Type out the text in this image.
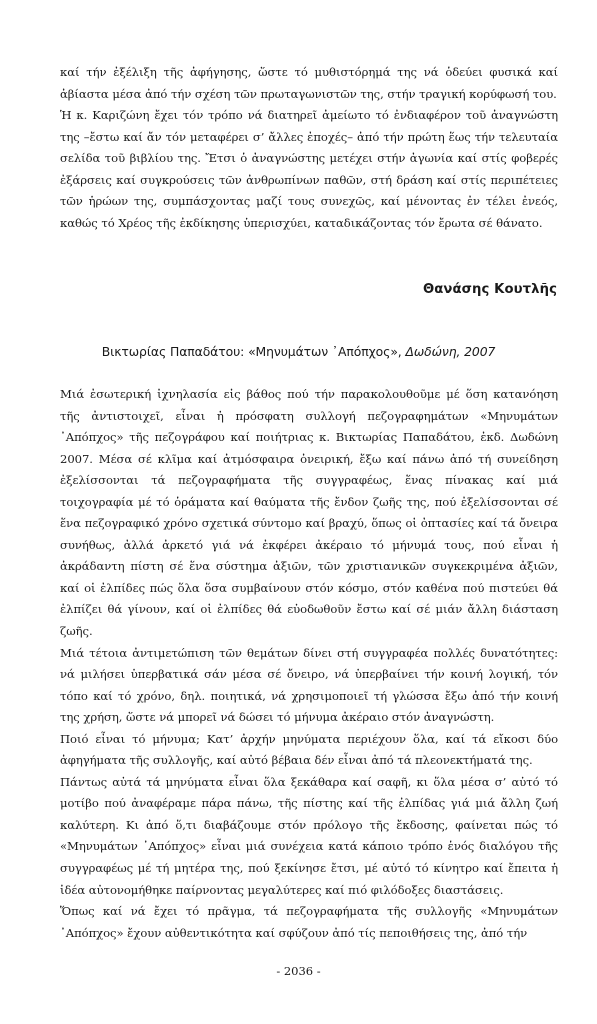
καί τήν ἐξέλιξη τῆς ἀφήγησης, ὥστε τό μυθιστόρημά της νά ὁδεύει φυσικά καί ἀβίαστα μέσα ἀπό τήν σχέση τῶν πρωταγωνιστῶν της, στήν τραγική κορύφωσή του.

Ἡ κ. Καριζώνη ἔχει τόν τρόπο νά διατηρεῖ ἀμείωτο τό ἐνδιαφέρον τοῦ ἀναγνώστη της –ἔστω καί ἄν τόν μεταφέρει σ’ ἄλλες ἐποχές– ἀπό τήν πρώτη ἕως τήν τελευταία σελίδα τοῦ βιβλίου της. Ἔτσι ὁ ἀναγνώστης μετέχει στήν ἀγωνία καί στίς φοβερές ἐξάρσεις καί συγκρούσεις τῶν ἀνθρωπίνων παθῶν, στή δράση καί στίς περιπέτειες τῶν ἡρώων της, συμπάσχοντας μαζί τους συνεχῶς, καί μένοντας ἐν τέλει ἐνεός, καθώς τό Χρέος τῆς ἐκδίκησης ὑπερισχύει, καταδικάζοντας τόν ἔρωτα σέ θάνατο.

Θανάσης Κουτλῆς
Βικτωρίας Παπαδάτου: «Μηνυμάτων ᾽Απόπχος», Δωδώνη, 2007

Μιά ἐσωτερική ἰχνηλασία εἰς βάθος πού τήν παρακολουθοῦμε μέ ὅση κατανόηση τῆς ἀντιστοιχεῖ, εἶναι ἡ πρόσφατη συλλογή πεζογραφημάτων «Μηνυμάτων ᾽Απόπχος» τῆς πεζογράφου καί ποιήτριας κ. Βικτωρίας Παπαδάτου, ἐκδ. Δωδώνη 2007. Μέσα σέ κλῖμα καί ἀτμόσφαιρα ὀνειρική, ἔξω καί πάνω ἀπό τή συνείδηση ἐξελίσσονται τά πεζογραφήματα τῆς συγγραφέως, ἕνας πίνακας καί μιά τοιχογραφία μέ τό ὁράματα καί θαύματα τῆς ἔνδον ζωῆς της, πού ἐξελίσσονται σέ ἕνα πεζογραφικό χρόνο σχετικά σύντομο καί βραχύ, ὅπως οἱ ὀπτασίες καί τά ὄνειρα συνήθως, ἀλλά ἀρκετό γιά νά ἐκφέρει ἀκέραιο τό μήνυμά τους, πού εἶναι ἡ ἀκράδαντη πίστη σέ ἕνα σύστημα ἀξιῶν, τῶν χριστιανικῶν συγκεκριμένα ἀξιῶν, καί οἱ ἐλπίδες πώς ὅλα ὅσα συμβαίνουν στόν κόσμο, στόν καθένα πού πιστεύει θά ἐλπίζει θά γίνουν, καί οἱ ἐλπίδες θά εὐοδωθοῦν ἔστω καί σέ μιάν ἄλλη διάσταση ζωῆς.

Μιά τέτοια ἀντιμετώπιση τῶν θεμάτων δίνει στή συγγραφέα πολλές δυνατότητες: νά μιλήσει ὑπερβατικά σάν μέσα σέ ὄνειρο, νά ὑπερβαίνει τήν κοινή λογική, τόν τόπο καί τό χρόνο, δηλ. ποιητικά, νά χρησιμοποιεῖ τή γλώσσα ἔξω ἀπό τήν κοινή της χρήση, ὥστε νά μπορεῖ νά δώσει τό μήνυμα ἀκέραιο στόν ἀναγνώστη.

Ποιό εἶναι τό μήνυμα; Κατ’ ἀρχήν μηνύματα περιέχουν ὅλα, καί τά εἴκοσι δύο ἀφηγήματα τῆς συλλογῆς, καί αὐτό βέβαια δέν εἶναι ἀπό τά πλεονεκτήματά της.

Πάντως αὐτά τά μηνύματα εἶναι ὅλα ξεκάθαρα καί σαφῆ, κι ὅλα μέσα σ’ αὐτό τό μοτίβο πού ἀναφέραμε πάρα πάνω, τῆς πίστης καί τῆς ἐλπίδας γιά μιά ἄλλη ζωή καλύτερη. Κι ἀπό ὅ,τι διαβάζουμε στόν πρόλογο τῆς ἔκδοσης, φαίνεται πώς τό «Μηνυμάτων ᾽Απόπχος» εἶναι μιά συνέχεια κατά κάποιο τρόπο ἑνός διαλόγου τῆς συγγραφέως μέ τή μητέρα της, πού ξεκίνησε ἔτσι, μέ αὐτό τό κίνητρο καί ἔπειτα ἡ ἰδέα αὐτονομήθηκε παίρνοντας μεγαλύτερες καί πιό φιλόδοξες διαστάσεις.

Ὅπως καί νά ἔχει τό πρᾶγμα, τά πεζογραφήματα τῆς συλλογῆς «Μηνυμάτων ᾽Απόπχος» ἔχουν αὐθεντικότητα καί σφύζουν ἀπό τίς πεποιθήσεις της, ἀπό τήν

- 2036 -
